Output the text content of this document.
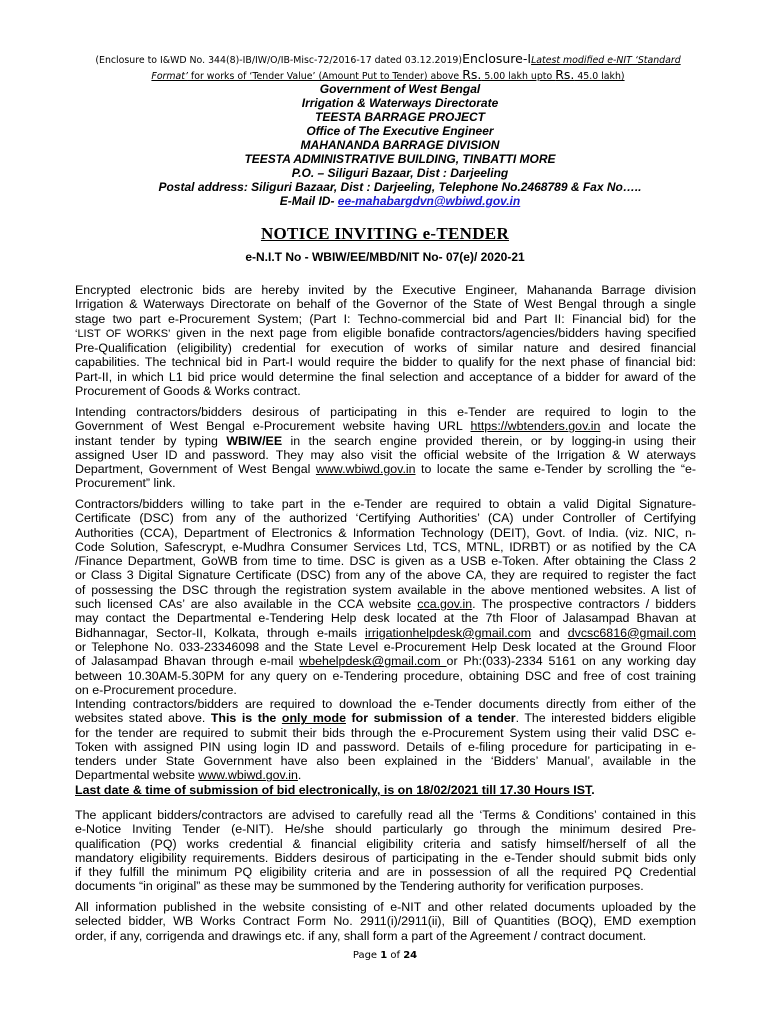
(Enclosure to I&WD No. 344(8)-IB/IW/O/IB-Misc-72/2016-17 dated 03.12.2019)Enclosure-ILatest modified e-NIT ‘Standard
Format’ for works of ‘Tender Value’ (Amount Put to Tender) above Rs. 5.00 lakh upto Rs. 45.0 lakh)
Government of West Bengal
Irrigation & Waterways Directorate
TEESTA BARRAGE PROJECT
Office of The Executive Engineer
MAHANANDA BARRAGE DIVISION
TEESTA ADMINISTRATIVE BUILDING, TINBATTI MORE
P.O. – Siliguri Bazaar, Dist : Darjeeling
Postal address: Siliguri Bazaar, Dist : Darjeeling, Telephone No.2468789 & Fax No…..
E-Mail ID- ee-mahabargdvn@wbiwd.gov.in
NOTICE INVITING e-TENDER
e-N.I.T No - WBIW/EE/MBD/NIT No- 07(e)/ 2020-21
Encrypted electronic bids are hereby invited by the Executive Engineer, Mahananda Barrage division
Irrigation & Waterways Directorate on behalf of the Governor of the State of West Bengal through a single
stage two part e-Procurement System; (Part I: Techno-commercial bid and Part II: Financial bid) for the
‘LIST OF WORKS’ given in the next page from eligible bonafide contractors/agencies/bidders having specified
Pre-Qualification (eligibility) credential for execution of works of similar nature and desired financial
capabilities. The technical bid in Part-I would require the bidder to qualify for the next phase of financial bid:
Part-II, in which L1 bid price would determine the final selection and acceptance of a bidder for award of the
Procurement of Goods & Works contract.
Intending contractors/bidders desirous of participating in this e-Tender are required to login to the
Government of West Bengal e-Procurement website having URL https://wbtenders.gov.in and locate the
instant tender by typing WBIW/EE in the search engine provided therein, or by logging-in using their
assigned User ID and password. They may also visit the official website of the Irrigation & W aterways
Department, Government of West Bengal www.wbiwd.gov.in to locate the same e-Tender by scrolling the “e-
Procurement” link.
Contractors/bidders willing to take part in the e-Tender are required to obtain a valid Digital Signature-
Certificate (DSC) from any of the authorized ‘Certifying Authorities’ (CA) under Controller of Certifying
Authorities (CCA), Department of Electronics & Information Technology (DEIT), Govt. of India. (viz. NIC, n-
Code Solution, Safescrypt, e-Mudhra Consumer Services Ltd, TCS, MTNL, IDRBT) or as notified by the CA
/Finance Department, GoWB from time to time. DSC is given as a USB e-Token. After obtaining the Class 2
or Class 3 Digital Signature Certificate (DSC) from any of the above CA, they are required to register the fact
of possessing the DSC through the registration system available in the above mentioned websites. A list of
such licensed CAs’ are also available in the CCA website cca.gov.in. The prospective contractors / bidders
may contact the Departmental e-Tendering Help desk located at the 7th Floor of Jalasampad Bhavan at
Bidhannagar, Sector-II, Kolkata, through e-mails irrigationhelpdesk@gmail.com and dvcsc6816@gmail.com
or Telephone No. 033-23346098 and the State Level e-Procurement Help Desk located at the Ground Floor
of Jalasampad Bhavan through e-mail wbehelpdesk@gmail.com or Ph:(033)-2334 5161 on any working day
between 10.30AM-5.30PM for any query on e-Tendering procedure, obtaining DSC and free of cost training
on e-Procurement procedure.
Intending contractors/bidders are required to download the e-Tender documents directly from either of the
websites stated above. This is the only mode for submission of a tender. The interested bidders eligible
for the tender are required to submit their bids through the e-Procurement System using their valid DSC e-
Token with assigned PIN using login ID and password. Details of e-filing procedure for participating in e-
tenders under State Government have also been explained in the ‘Bidders’ Manual’, available in the
Departmental website www.wbiwd.gov.in.
Last date & time of submission of bid electronically, is on 18/02/2021 till 17.30 Hours IST.
The applicant bidders/contractors are advised to carefully read all the ‘Terms & Conditions’ contained in this
e-Notice Inviting Tender (e-NIT). He/she should particularly go through the minimum desired Pre-
qualification (PQ) works credential & financial eligibility criteria and satisfy himself/herself of all the
mandatory eligibility requirements. Bidders desirous of participating in the e-Tender should submit bids only
if they fulfill the minimum PQ eligibility criteria and are in possession of all the required PQ Credential
documents “in original” as these may be summoned by the Tendering authority for verification purposes.
All information published in the website consisting of e-NIT and other related documents uploaded by the
selected bidder, WB Works Contract Form No. 2911(i)/2911(ii), Bill of Quantities (BOQ), EMD exemption
order, if any, corrigenda and drawings etc. if any, shall form a part of the Agreement / contract document.
Page 1 of 24
